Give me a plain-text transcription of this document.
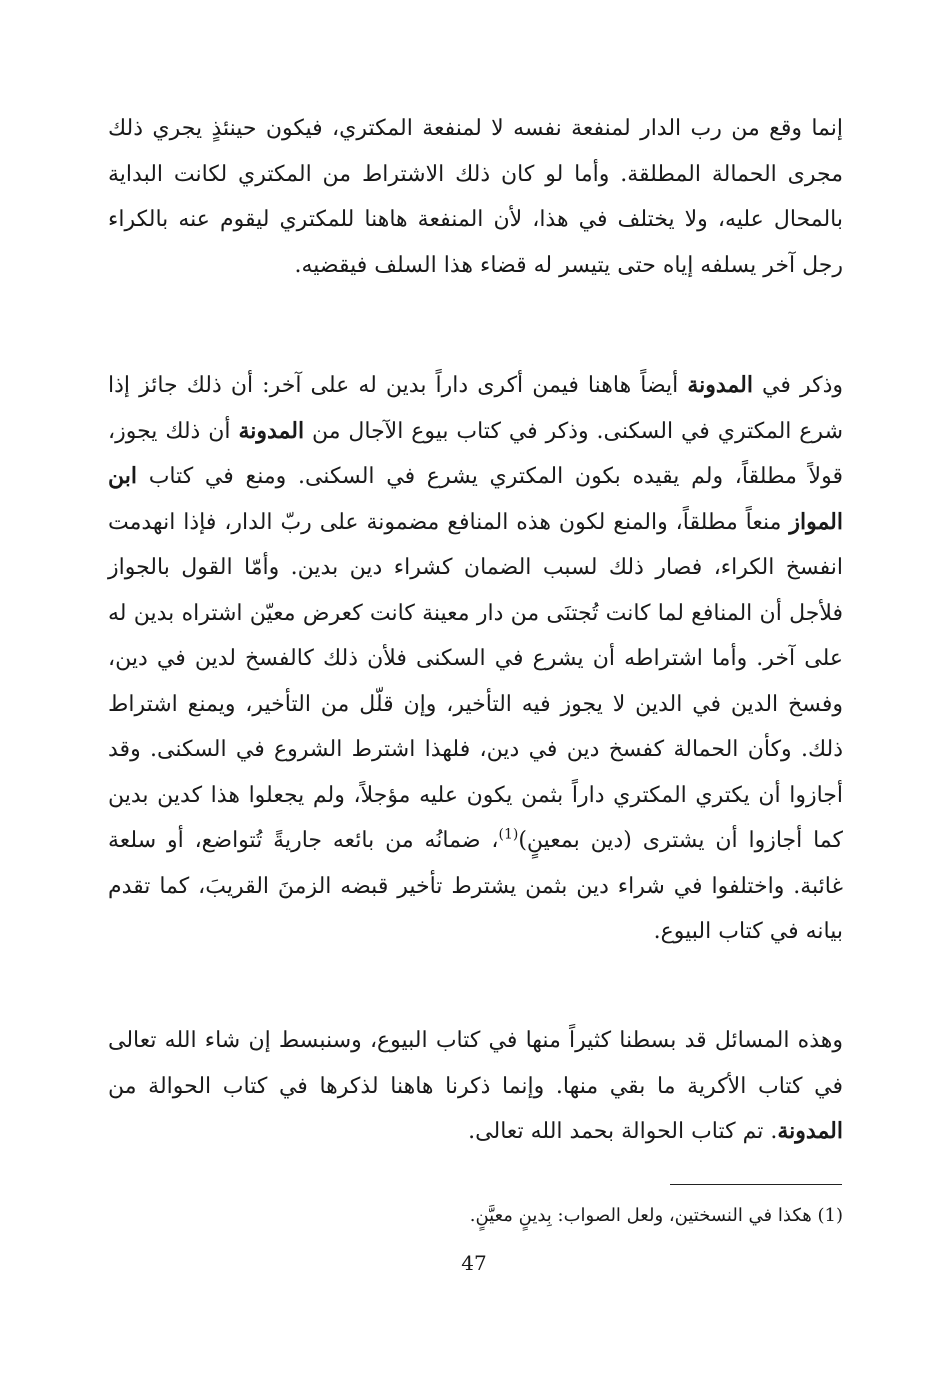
إنما وقع من رب الدار لمنفعة نفسه لا لمنفعة المكتري، فيكون حينئذٍ يجري ذلك مجرى الحمالة المطلقة. وأما لو كان ذلك الاشتراط من المكتري لكانت البداية بالمحال عليه، ولا يختلف في هذا، لأن المنفعة هاهنا للمكتري ليقوم عنه بالكراء رجل آخر يسلفه إياه حتى يتيسر له قضاء هذا السلف فيقضيه.

وذكر في المدونة أيضاً هاهنا فيمن أكرى داراً بدين له على آخر: أن ذلك جائز إذا شرع المكتري في السكنى. وذكر في كتاب بيوع الآجال من المدونة أن ذلك يجوز، قولاً مطلقاً، ولم يقيده بكون المكتري يشرع في السكنى. ومنع في كتاب ابن المواز منعاً مطلقاً، والمنع لكون هذه المنافع مضمونة على ربّ الدار، فإذا انهدمت انفسخ الكراء، فصار ذلك لسبب الضمان كشراء دين بدين. وأمّا القول بالجواز فلأجل أن المنافع لما كانت تُجتنَى من دار معينة كانت كعرض معيّن اشتراه بدين له على آخر. وأما اشتراطه أن يشرع في السكنى فلأن ذلك كالفسخ لدين في دين، وفسخ الدين في الدين لا يجوز فيه التأخير، وإن قلّل من التأخير، ويمنع اشتراط ذلك. وكأن الحمالة كفسخ دين في دين، فلهذا اشترط الشروع في السكنى. وقد أجازوا أن يكتري المكتري داراً بثمن يكون عليه مؤجلاً، ولم يجعلوا هذا كدين بدين كما أجازوا أن يشترى (دين بمعينٍ)$^{(1)}$، ضمانُه من بائعه جاريةً تُتواضع، أو سلعة غائبة. واختلفوا في شراء دين بثمن يشترط تأخير قبضه الزمنَ القريبَ، كما تقدم بيانه في كتاب البيوع.

وهذه المسائل قد بسطنا كثيراً منها في كتاب البيوع، وسنبسط إن شاء الله تعالى في كتاب الأكرية ما بقي منها. وإنما ذكرنا هاهنا لذكرها في كتاب الحوالة من المدونة. تم كتاب الحوالة بحمد الله تعالى.

(1) هكذا في النسختين، ولعل الصواب: بِدينٍ معيَّنٍ.

47
